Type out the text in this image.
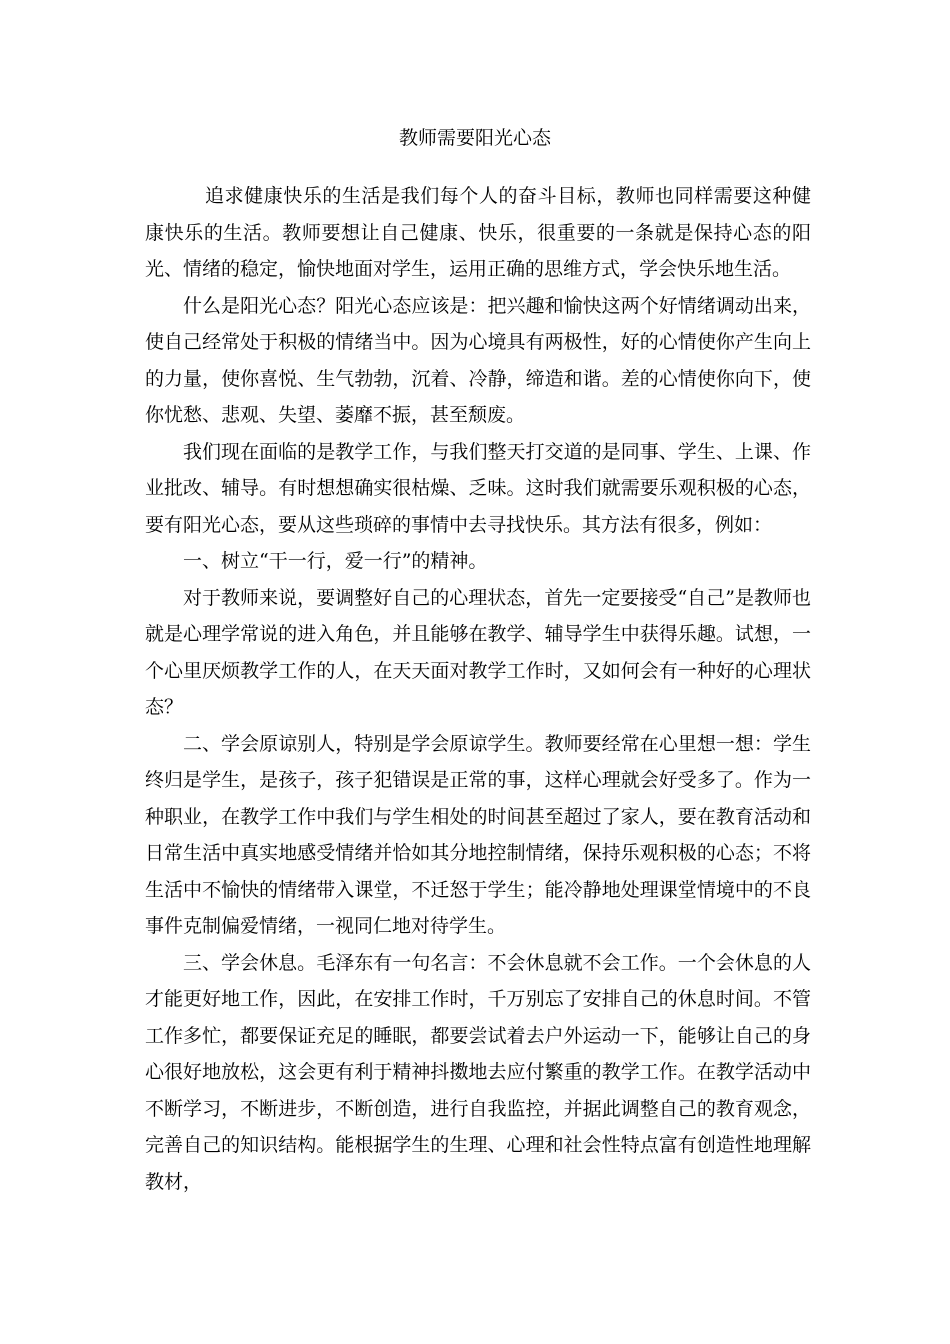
教师需要阳光心态

追求健康快乐的生活是我们每个人的奋斗目标，教师也同样需要这种健康快乐的生活。教师要想让自己健康、快乐，很重要的一条就是保持心态的阳光、情绪的稳定，愉快地面对学生，运用正确的思维方式，学会快乐地生活。

什么是阳光心态？阳光心态应该是：把兴趣和愉快这两个好情绪调动出来，使自己经常处于积极的情绪当中。因为心境具有两极性，好的心情使你产生向上的力量，使你喜悦、生气勃勃，沉着、冷静，缔造和谐。差的心情使你向下，使你忧愁、悲观、失望、萎靡不振，甚至颓废。

我们现在面临的是教学工作，与我们整天打交道的是同事、学生、上课、作业批改、辅导。有时想想确实很枯燥、乏味。这时我们就需要乐观积极的心态，要有阳光心态，要从这些琐碎的事情中去寻找快乐。其方法有很多，例如：

一、树立“干一行，爱一行”的精神。

对于教师来说，要调整好自己的心理状态，首先一定要接受“自己”是教师也就是心理学常说的进入角色，并且能够在教学、辅导学生中获得乐趣。试想，一个心里厌烦教学工作的人，在天天面对教学工作时，又如何会有一种好的心理状态？

二、学会原谅别人，特别是学会原谅学生。教师要经常在心里想一想：学生终归是学生，是孩子，孩子犯错误是正常的事，这样心理就会好受多了。作为一种职业，在教学工作中我们与学生相处的时间甚至超过了家人，要在教育活动和日常生活中真实地感受情绪并恰如其分地控制情绪，保持乐观积极的心态；不将生活中不愉快的情绪带入课堂，不迁怒于学生；能冷静地处理课堂情境中的不良事件克制偏爱情绪，一视同仁地对待学生。

三、学会休息。毛泽东有一句名言：不会休息就不会工作。一个会休息的人才能更好地工作，因此，在安排工作时，千万别忘了安排自己的休息时间。不管工作多忙，都要保证充足的睡眠，都要尝试着去户外运动一下，能够让自己的身心很好地放松，这会更有利于精神抖擞地去应付繁重的教学工作。在教学活动中不断学习，不断进步，不断创造，进行自我监控，并据此调整自己的教育观念，完善自己的知识结构。能根据学生的生理、心理和社会性特点富有创造性地理解教材，
